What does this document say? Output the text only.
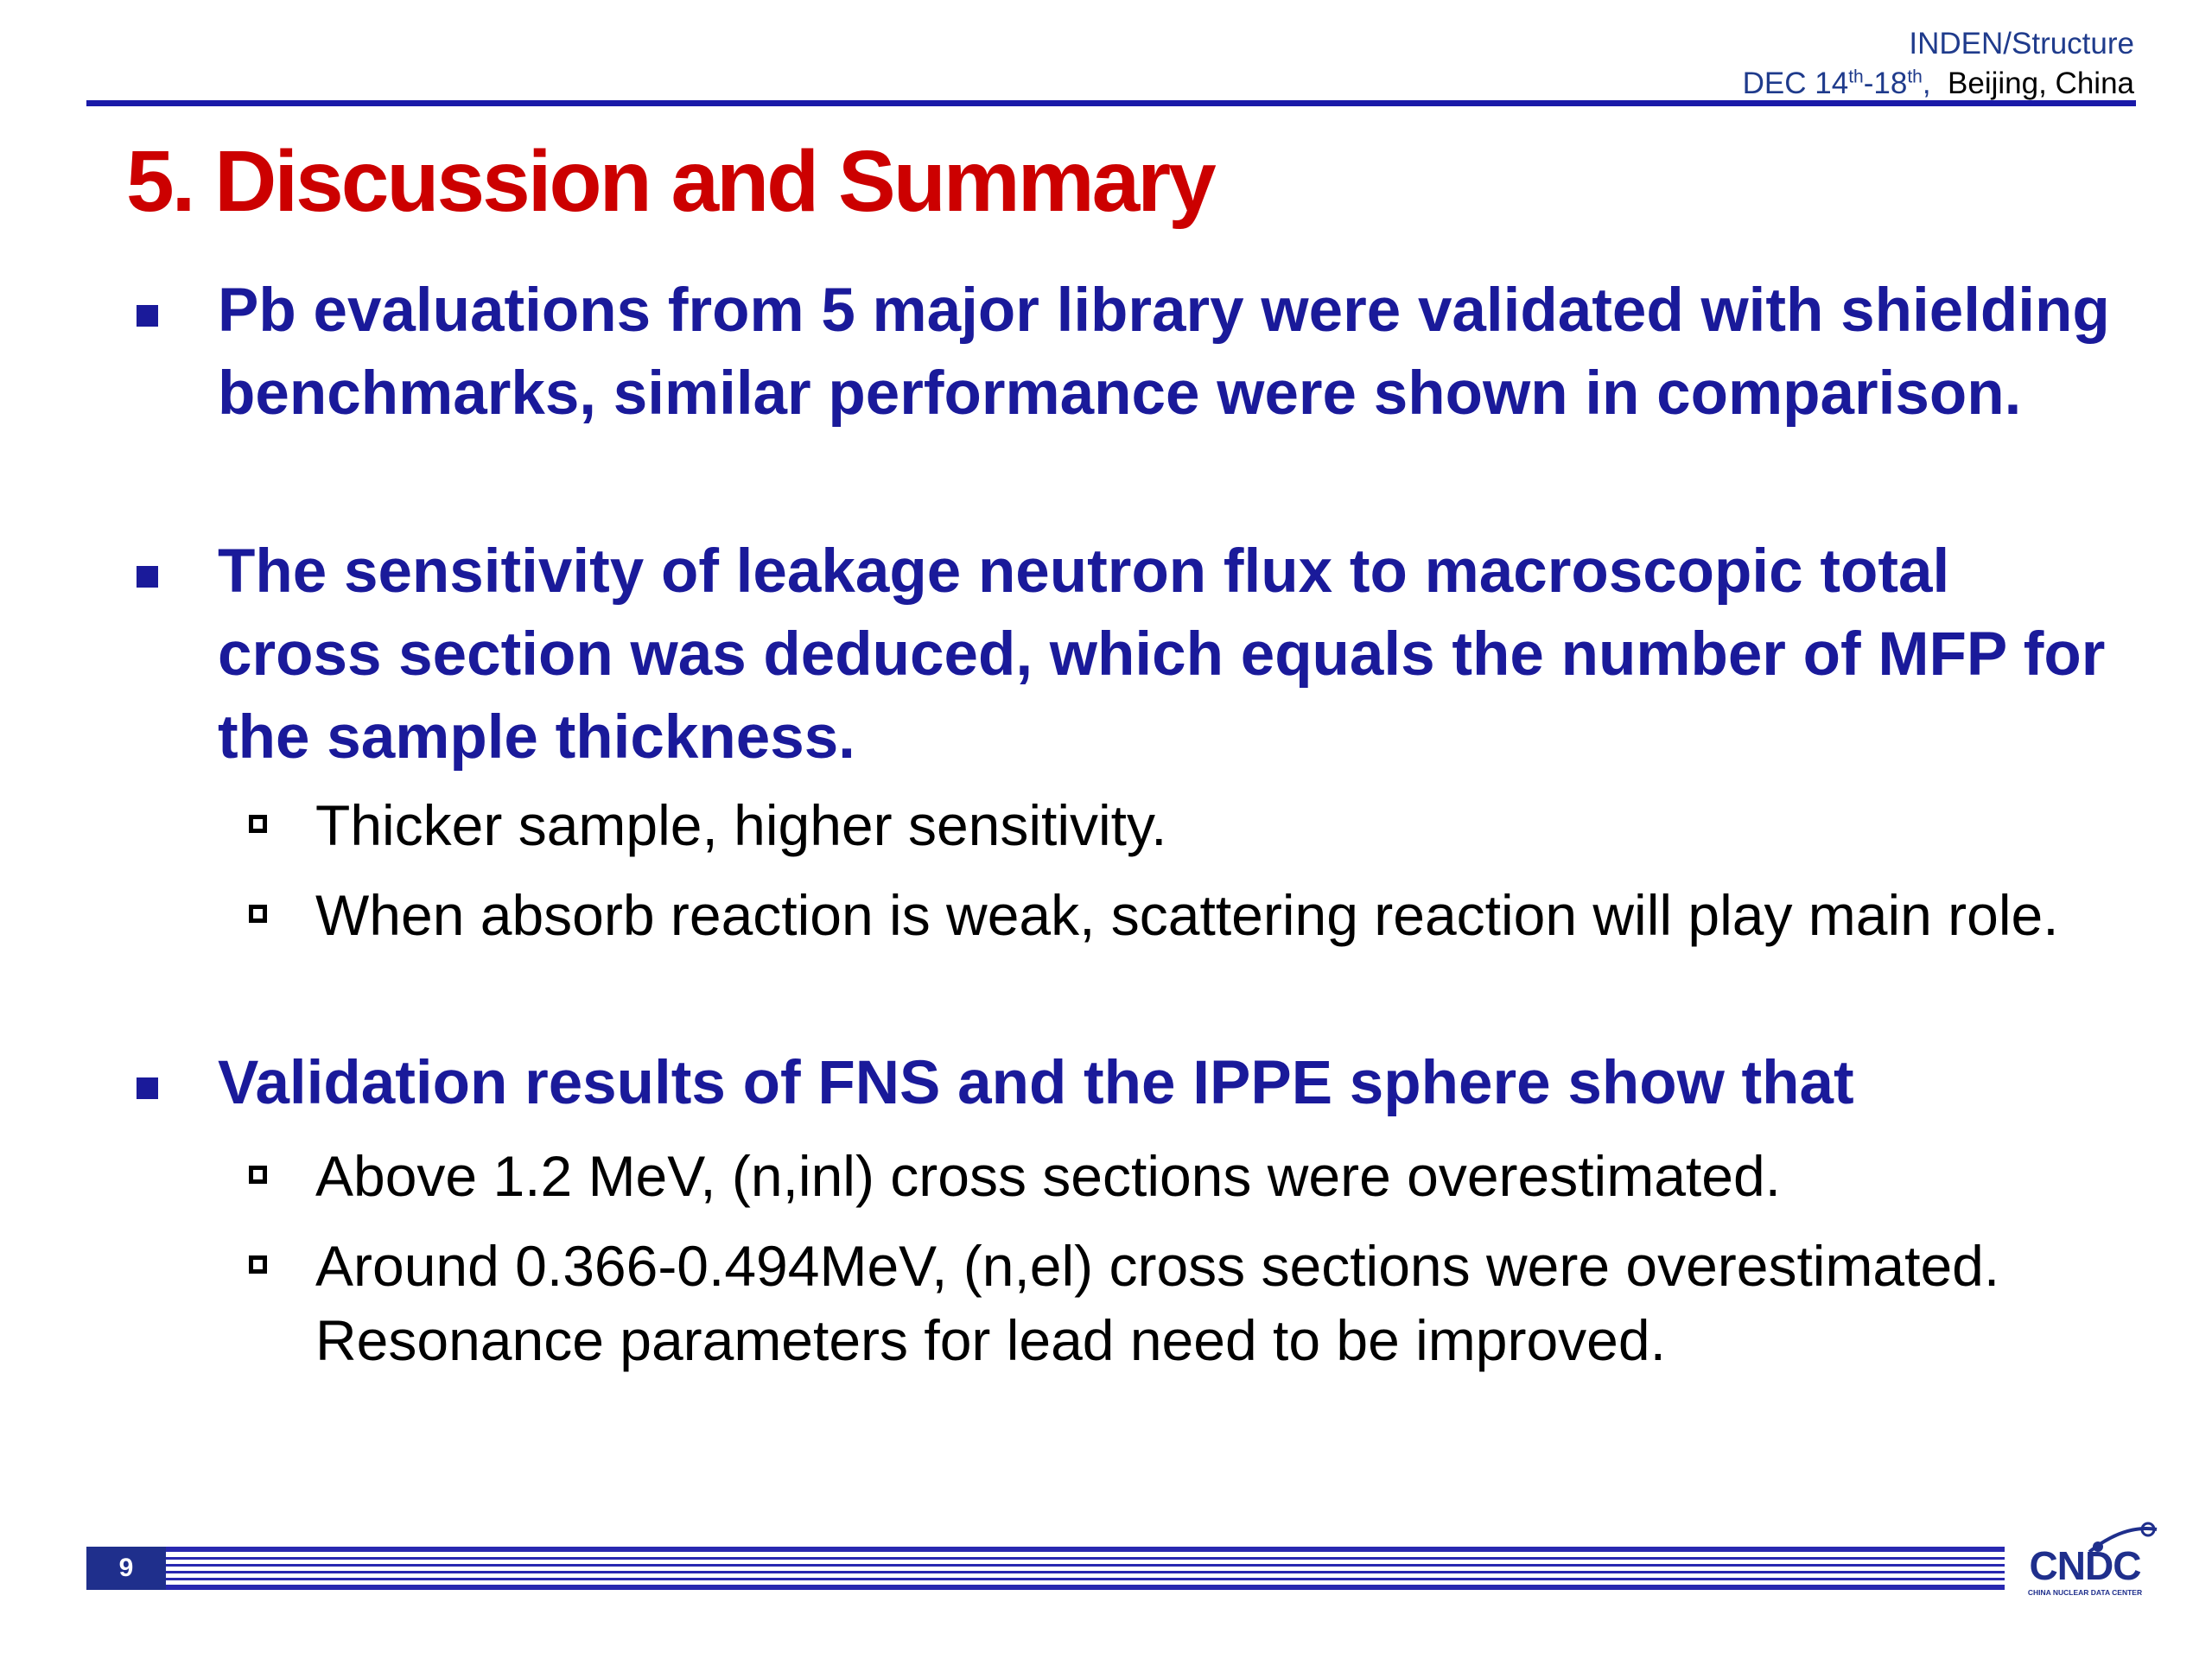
INDEN/Structure
DEC 14th-18th, Beijing, China
5. Discussion and Summary
Pb evaluations from 5 major library were validated with shielding benchmarks, similar performance were shown in comparison.
The sensitivity of leakage neutron flux to macroscopic total cross section was deduced, which equals the number of MFP for the sample thickness.
Thicker sample, higher sensitivity.
When absorb reaction is weak, scattering reaction will play main role.
Validation results of FNS and the IPPE sphere show that
Above 1.2 MeV, (n,inl) cross sections were overestimated.
Around 0.366-0.494MeV, (n,el) cross sections were overestimated. Resonance parameters for lead need to be improved.
9	CNDC
CHINA NUCLEAR DATA CENTER
